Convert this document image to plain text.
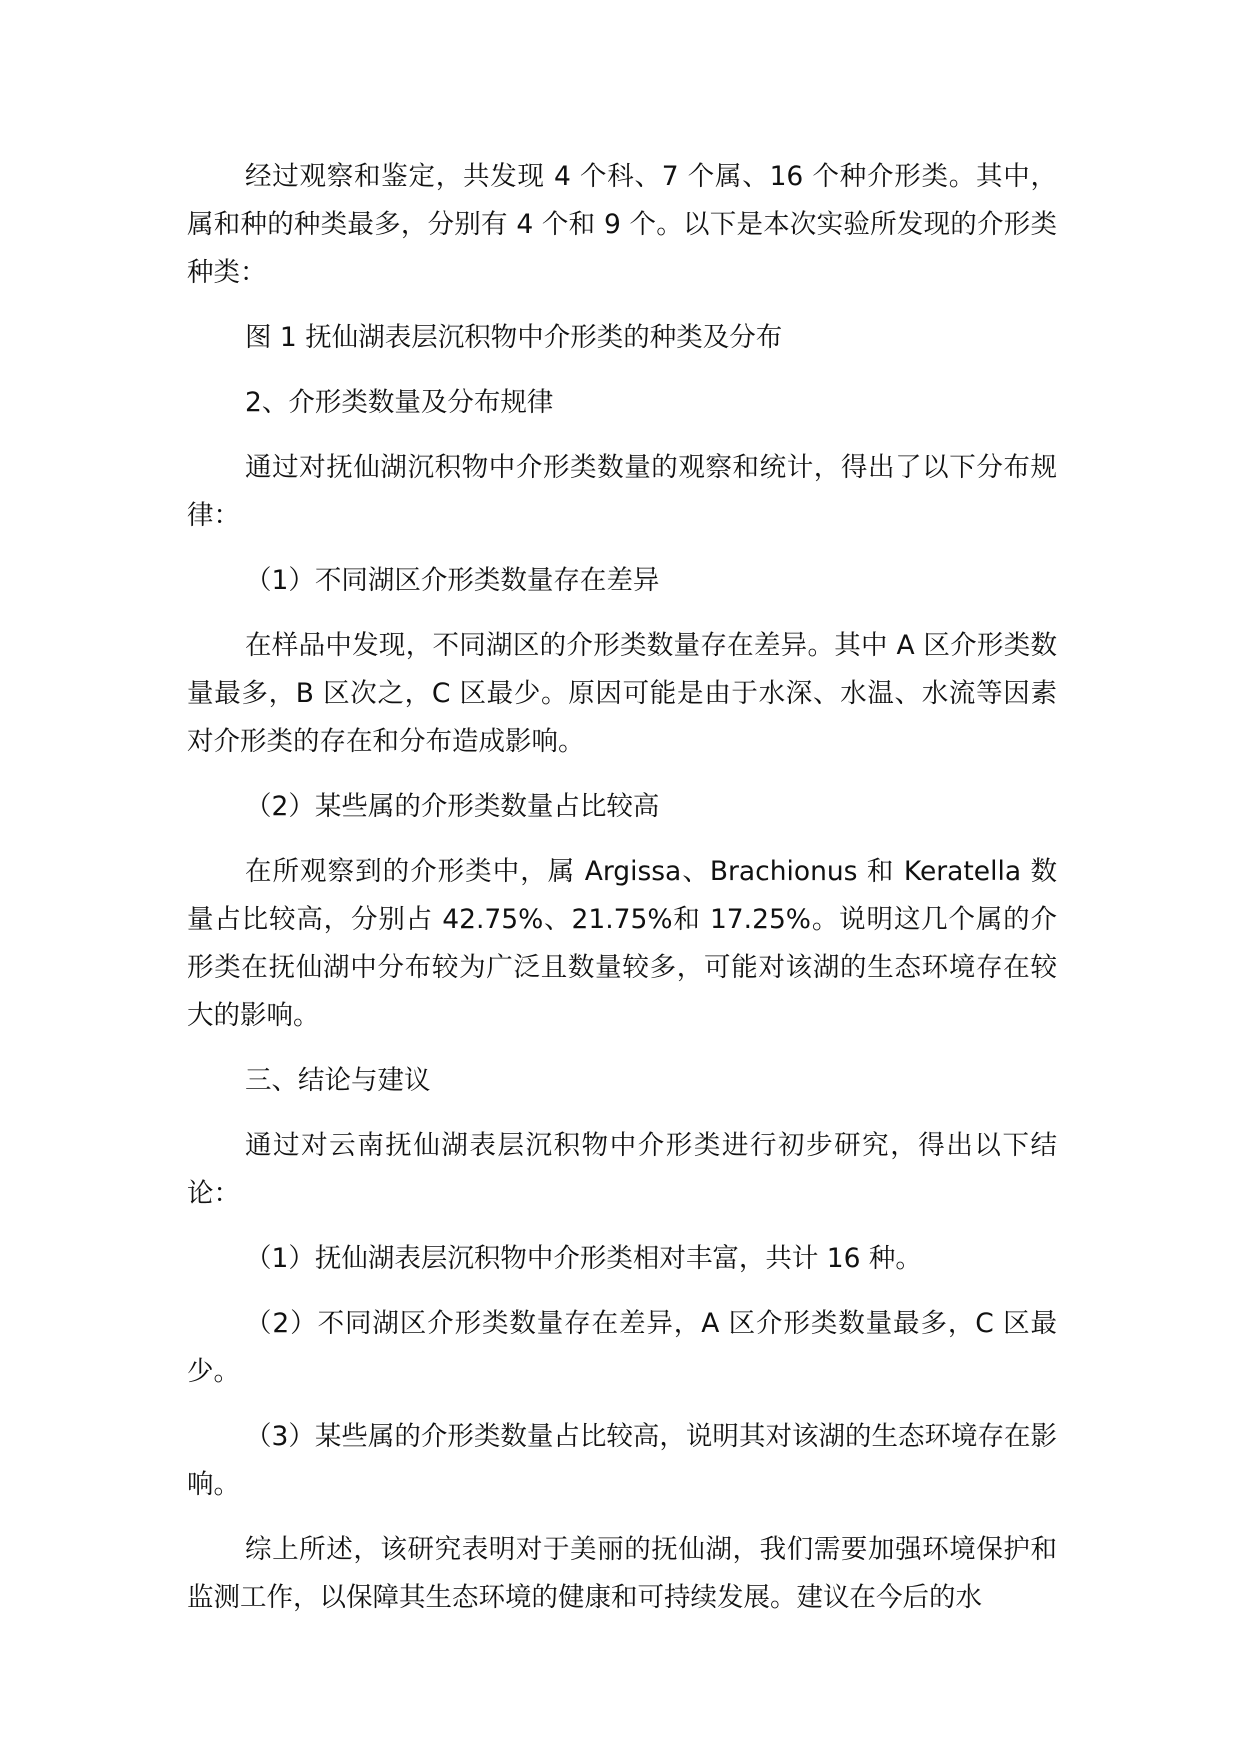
经过观察和鉴定，共发现 4 个科、7 个属、16 个种介形类。其中，属和种的种类最多，分别有 4 个和 9 个。以下是本次实验所发现的介形类种类：

图 1 抚仙湖表层沉积物中介形类的种类及分布

2、介形类数量及分布规律

通过对抚仙湖沉积物中介形类数量的观察和统计，得出了以下分布规律：

（1）不同湖区介形类数量存在差异

在样品中发现，不同湖区的介形类数量存在差异。其中 A 区介形类数量最多，B 区次之，C 区最少。原因可能是由于水深、水温、水流等因素对介形类的存在和分布造成影响。

（2）某些属的介形类数量占比较高

在所观察到的介形类中，属 Argissa、Brachionus 和 Keratella 数量占比较高，分别占 42.75%、21.75%和 17.25%。说明这几个属的介形类在抚仙湖中分布较为广泛且数量较多，可能对该湖的生态环境存在较大的影响。

三、结论与建议

通过对云南抚仙湖表层沉积物中介形类进行初步研究，得出以下结论：

（1）抚仙湖表层沉积物中介形类相对丰富，共计 16 种。

（2）不同湖区介形类数量存在差异，A 区介形类数量最多，C 区最少。

（3）某些属的介形类数量占比较高，说明其对该湖的生态环境存在影响。

综上所述，该研究表明对于美丽的抚仙湖，我们需要加强环境保护和监测工作，以保障其生态环境的健康和可持续发展。建议在今后的水
